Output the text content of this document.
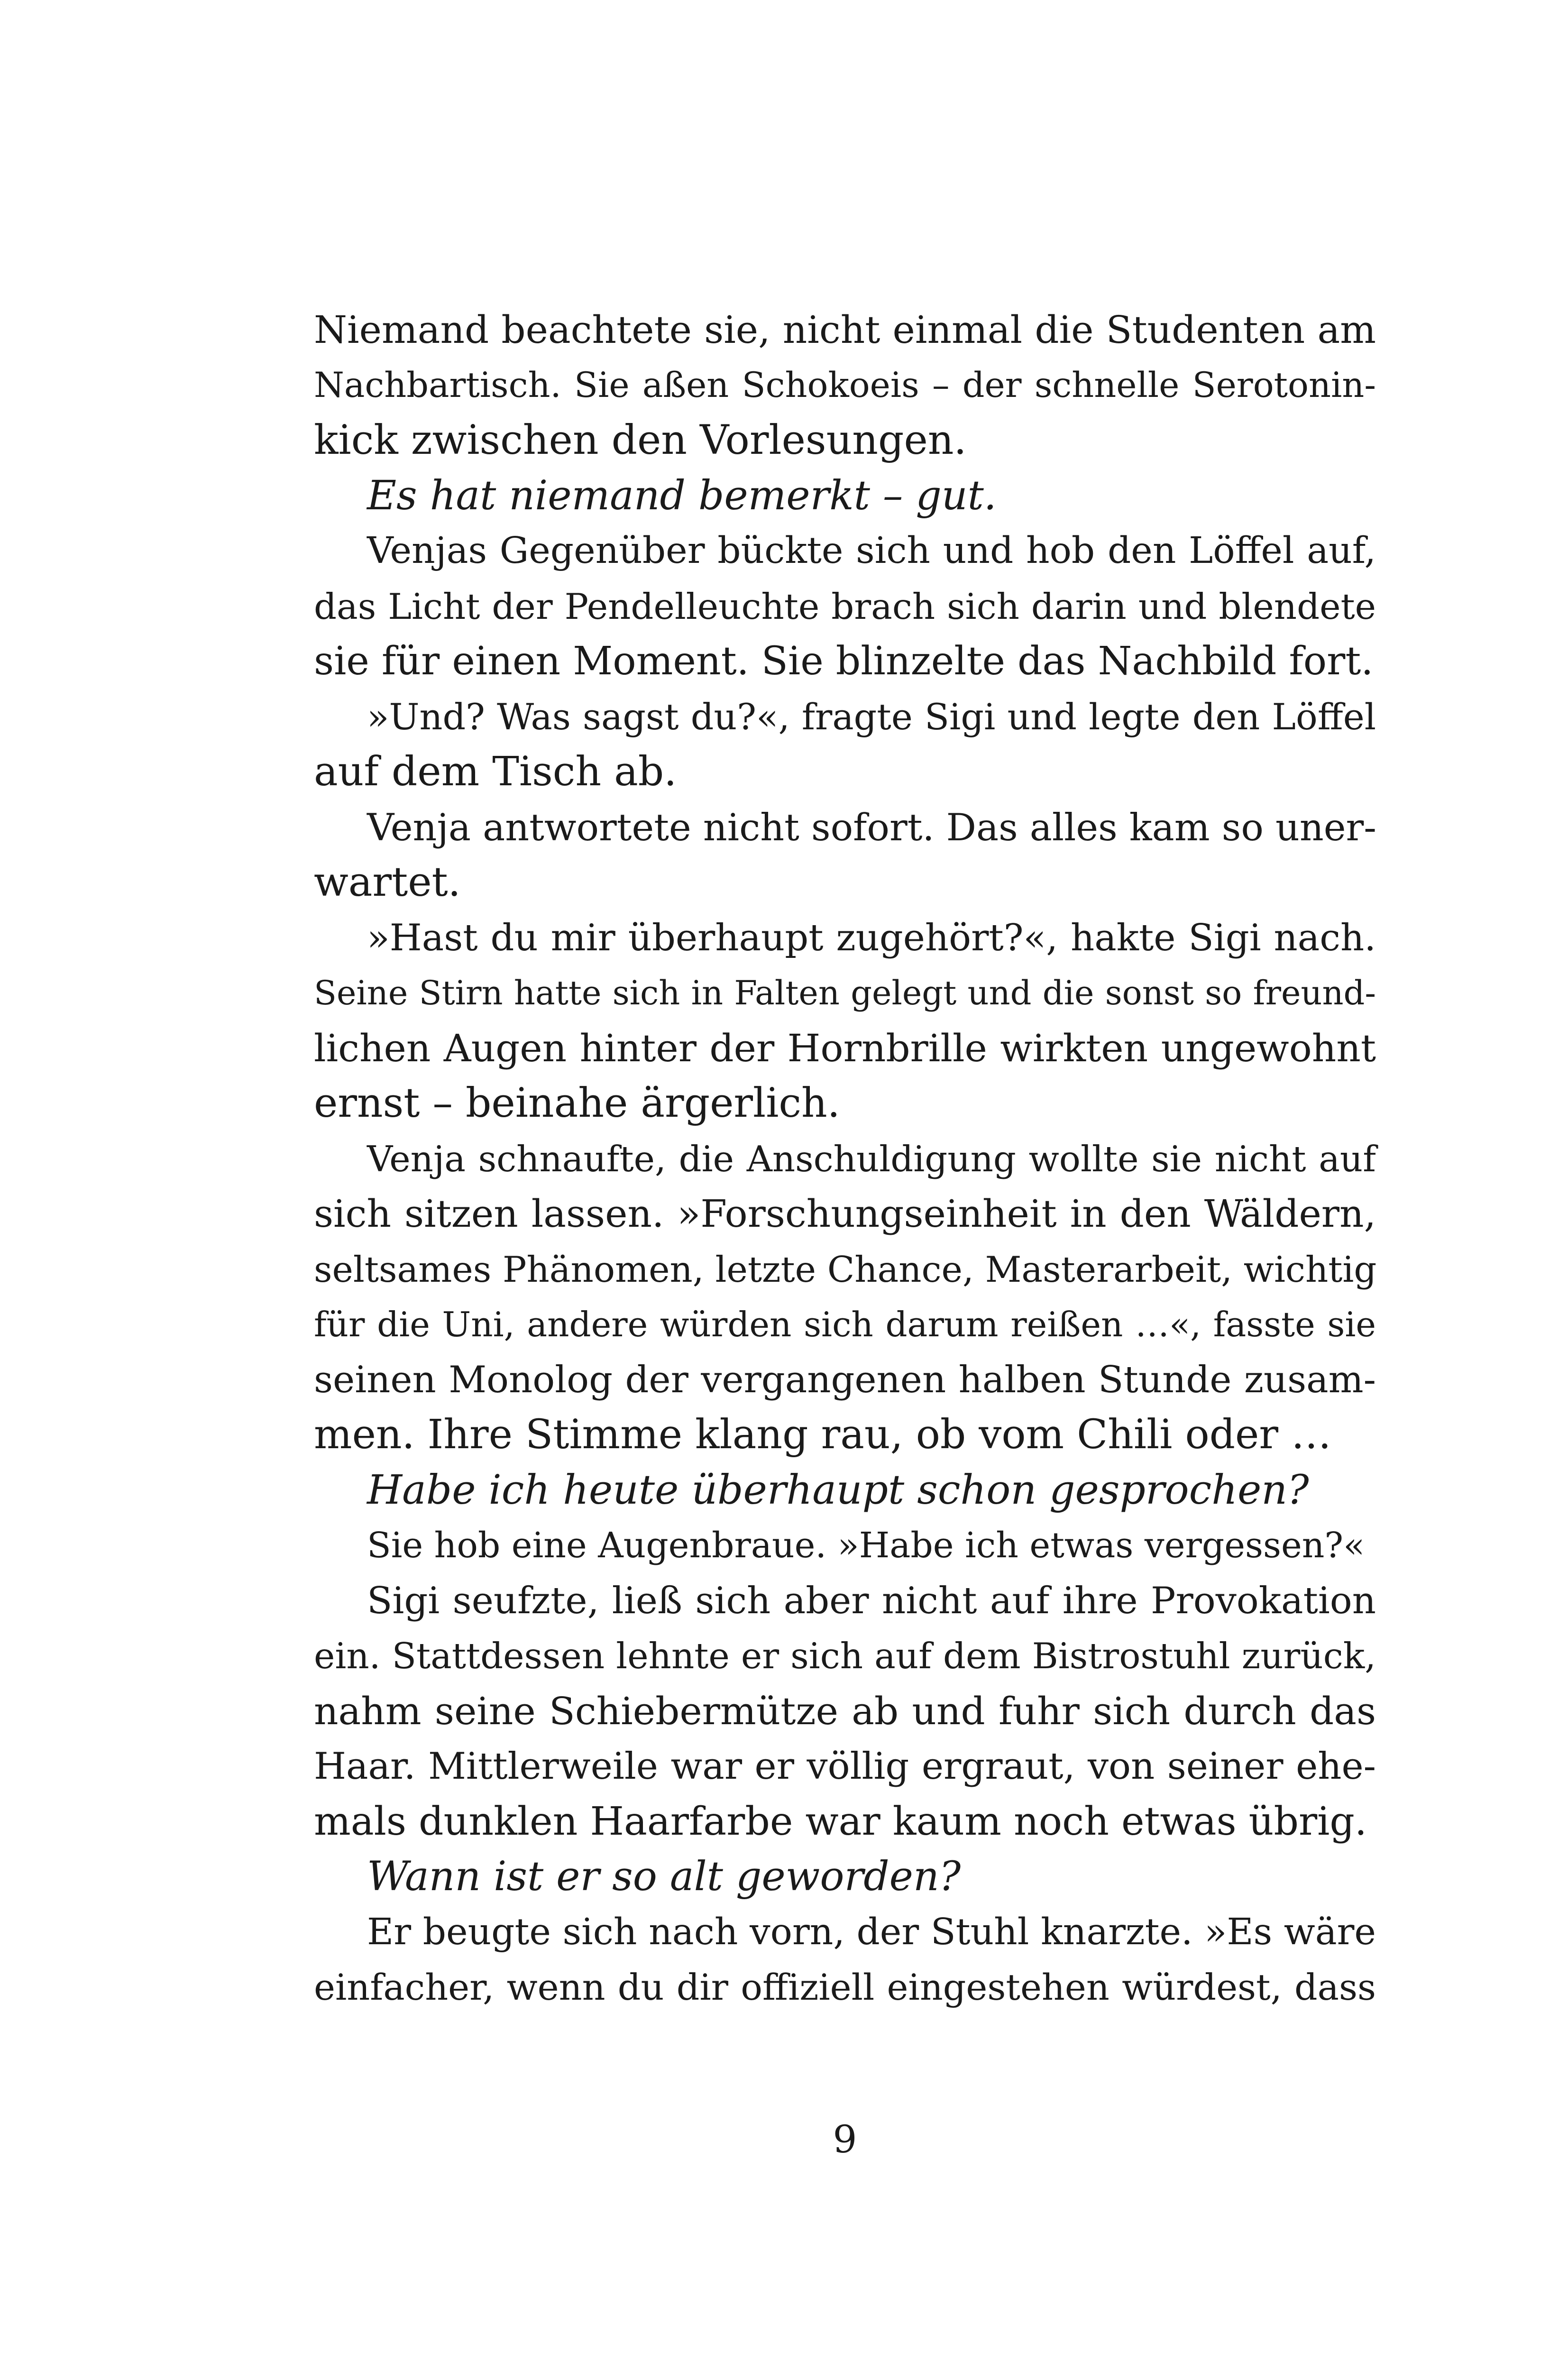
Niemand beachtete sie, nicht einmal die Studenten am
Nachbartisch. Sie aßen Schokoeis – der schnelle Serotonin-
kick zwischen den Vorlesungen.
Es hat niemand bemerkt – gut.
Venjas Gegenüber bückte sich und hob den Löffel auf,
das Licht der Pendelleuchte brach sich darin und blendete
sie für einen Moment. Sie blinzelte das Nachbild fort.
»Und? Was sagst du?«, fragte Sigi und legte den Löffel
auf dem Tisch ab.
Venja antwortete nicht sofort. Das alles kam so uner-
wartet.
»Hast du mir überhaupt zugehört?«, hakte Sigi nach.
Seine Stirn hatte sich in Falten gelegt und die sonst so freund-
lichen Augen hinter der Hornbrille wirkten ungewohnt
ernst – beinahe ärgerlich.
Venja schnaufte, die Anschuldigung wollte sie nicht auf
sich sitzen lassen. »Forschungseinheit in den Wäldern,
seltsames Phänomen, letzte Chance, Masterarbeit, wichtig
für die Uni, andere würden sich darum reißen …«, fasste sie
seinen Monolog der vergangenen halben Stunde zusam-
men. Ihre Stimme klang rau, ob vom Chili oder …
Habe ich heute überhaupt schon gesprochen?
Sie hob eine Augenbraue. »Habe ich etwas vergessen?«
Sigi seufzte, ließ sich aber nicht auf ihre Provokation
ein. Stattdessen lehnte er sich auf dem Bistrostuhl zurück,
nahm seine Schiebermütze ab und fuhr sich durch das
Haar. Mittlerweile war er völlig ergraut, von seiner ehe-
mals dunklen Haarfarbe war kaum noch etwas übrig.
Wann ist er so alt geworden?
Er beugte sich nach vorn, der Stuhl knarzte. »Es wäre
einfacher, wenn du dir offiziell eingestehen würdest, dass
9
